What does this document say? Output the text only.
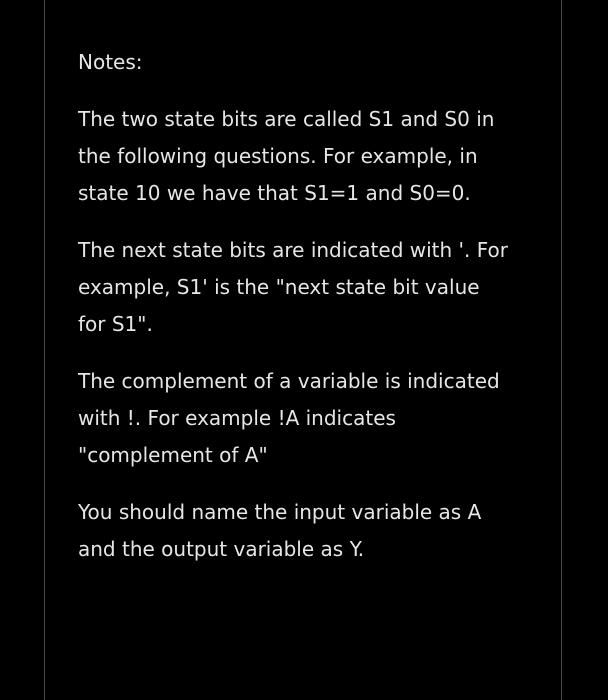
Notes:

The two state bits are called S1 and S0 in
the following questions. For example, in
state 10 we have that S1=1 and S0=0.

The next state bits are indicated with '. For
example, S1' is the "next state bit value
for S1".

The complement of a variable is indicated
with !. For example !A indicates
"complement of A"

You should name the input variable as A
and the output variable as Y.
